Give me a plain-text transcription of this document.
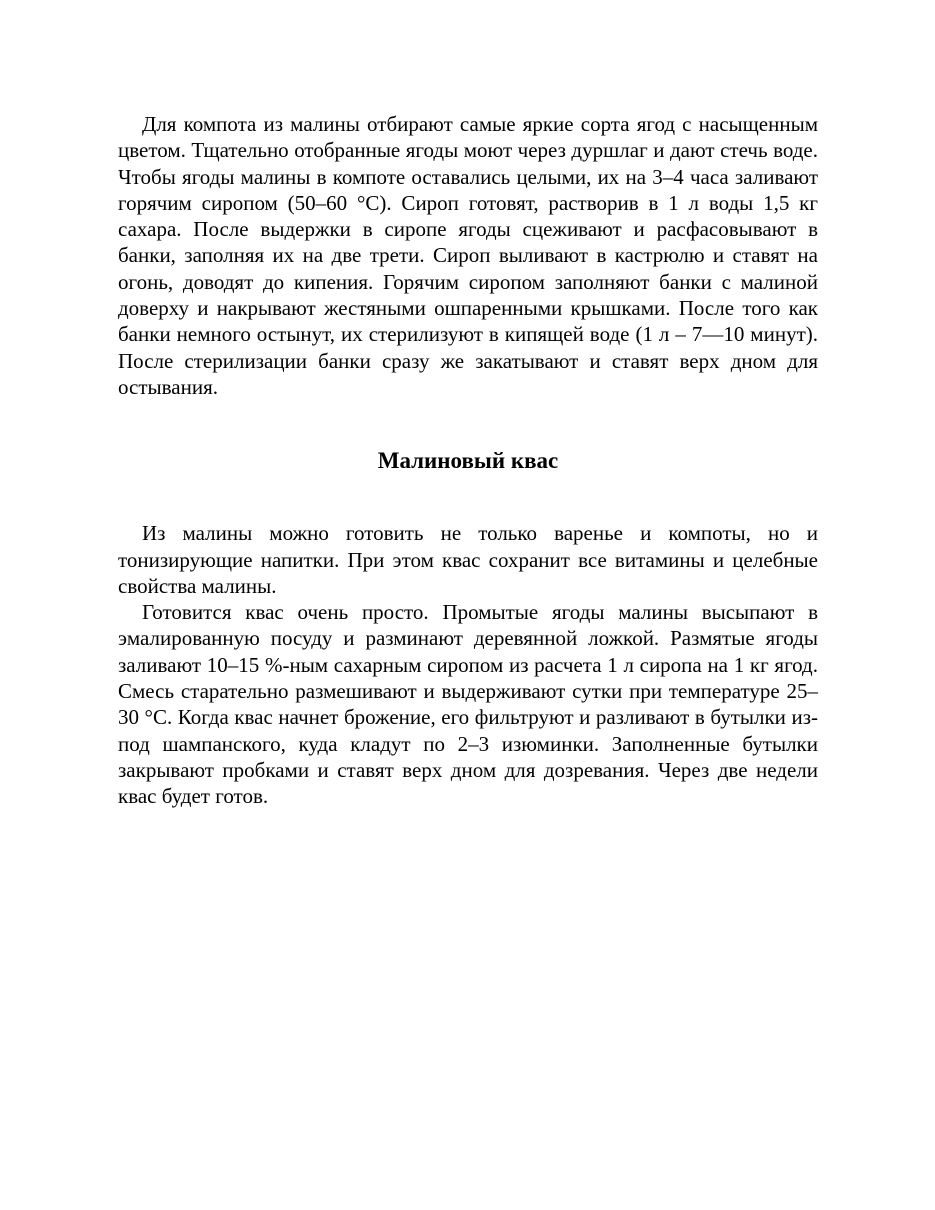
Для компота из малины отбирают самые яркие сорта ягод с насыщенным цветом. Тщательно отобранные ягоды моют через дуршлаг и дают стечь воде. Чтобы ягоды малины в компоте оставались целыми, их на 3–4 часа заливают горячим сиропом (50–60 °С). Сироп готовят, растворив в 1 л воды 1,5 кг сахара. После выдержки в сиропе ягоды сцеживают и расфасовывают в банки, заполняя их на две трети. Сироп выливают в кастрюлю и ставят на огонь, доводят до кипения. Горячим сиропом заполняют банки с малиной доверху и накрывают жестяными ошпаренными крышками. После того как банки немного остынут, их стерилизуют в кипящей воде (1 л – 7—10 минут). После стерилизации банки сразу же закатывают и ставят верх дном для остывания.

Малиновый квас

Из малины можно готовить не только варенье и компоты, но и тонизирующие напитки. При этом квас сохранит все витамины и целебные свойства малины.

Готовится квас очень просто. Промытые ягоды малины высыпают в эмалированную посуду и разминают деревянной ложкой. Размятые ягоды заливают 10–15 %-ным сахарным сиропом из расчета 1 л сиропа на 1 кг ягод. Смесь старательно размешивают и выдерживают сутки при температуре 25–30 °С. Когда квас начнет брожение, его фильтруют и разливают в бутылки из-под шампанского, куда кладут по 2–3 изюминки. Заполненные бутылки закрывают пробками и ставят верх дном для дозревания. Через две недели квас будет готов.
